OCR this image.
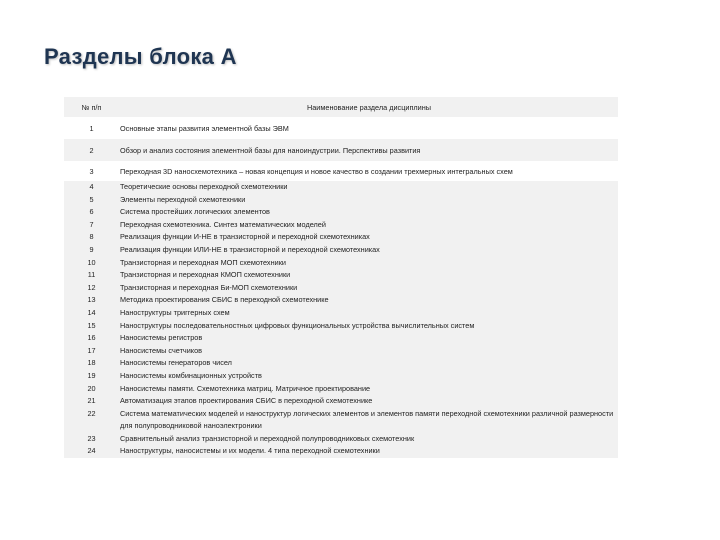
Разделы блока А
№ п/п	Наименование раздела дисциплины
1	Основные этапы развития элементной базы ЭВМ
2	Обзор и анализ состояния элементной базы для наноиндустрии. Перспективы развития
3	Переходная 3D наносхемотехника – новая концепция и новое качество в создании трехмерных интегральных схем
4	Теоретические основы переходной схемотехники
5	Элементы переходной схемотехники
6	Система простейших логических элементов
7	Переходная схемотехника. Синтез математических моделей
8	Реализация функции И-НЕ в транзисторной и переходной схемотехниках
9	Реализация функции ИЛИ-НЕ в транзисторной и переходной схемотехниках
10	Транзисторная и переходная МОП схемотехники
11	Транзисторная и переходная КМОП схемотехники
12	Транзисторная и переходная Би-МОП схемотехники
13	Методика проектирования СБИС в переходной схемотехнике
14	Наноструктуры триггерных схем
15	Наноструктуры последовательностных цифровых функциональных устройства вычислительных систем
16	Наносистемы регистров
17	Наносистемы счетчиков
18	Наносистемы генераторов чисел
19	Наносистемы комбинационных устройств
20	Наносистемы памяти. Схемотехника матриц. Матричное проектирование
21	Автоматизация этапов проектирования СБИС в переходной схемотехнике
22	Система математических моделей и наноструктур логических элементов и элементов памяти переходной схемотехники различной размерности для полупроводниковой наноэлектроники
23	Сравнительный анализ транзисторной и переходной полупроводниковых схемотехник
24	Наноструктуры, наносистемы и их модели. 4 типа переходной схемотехники
